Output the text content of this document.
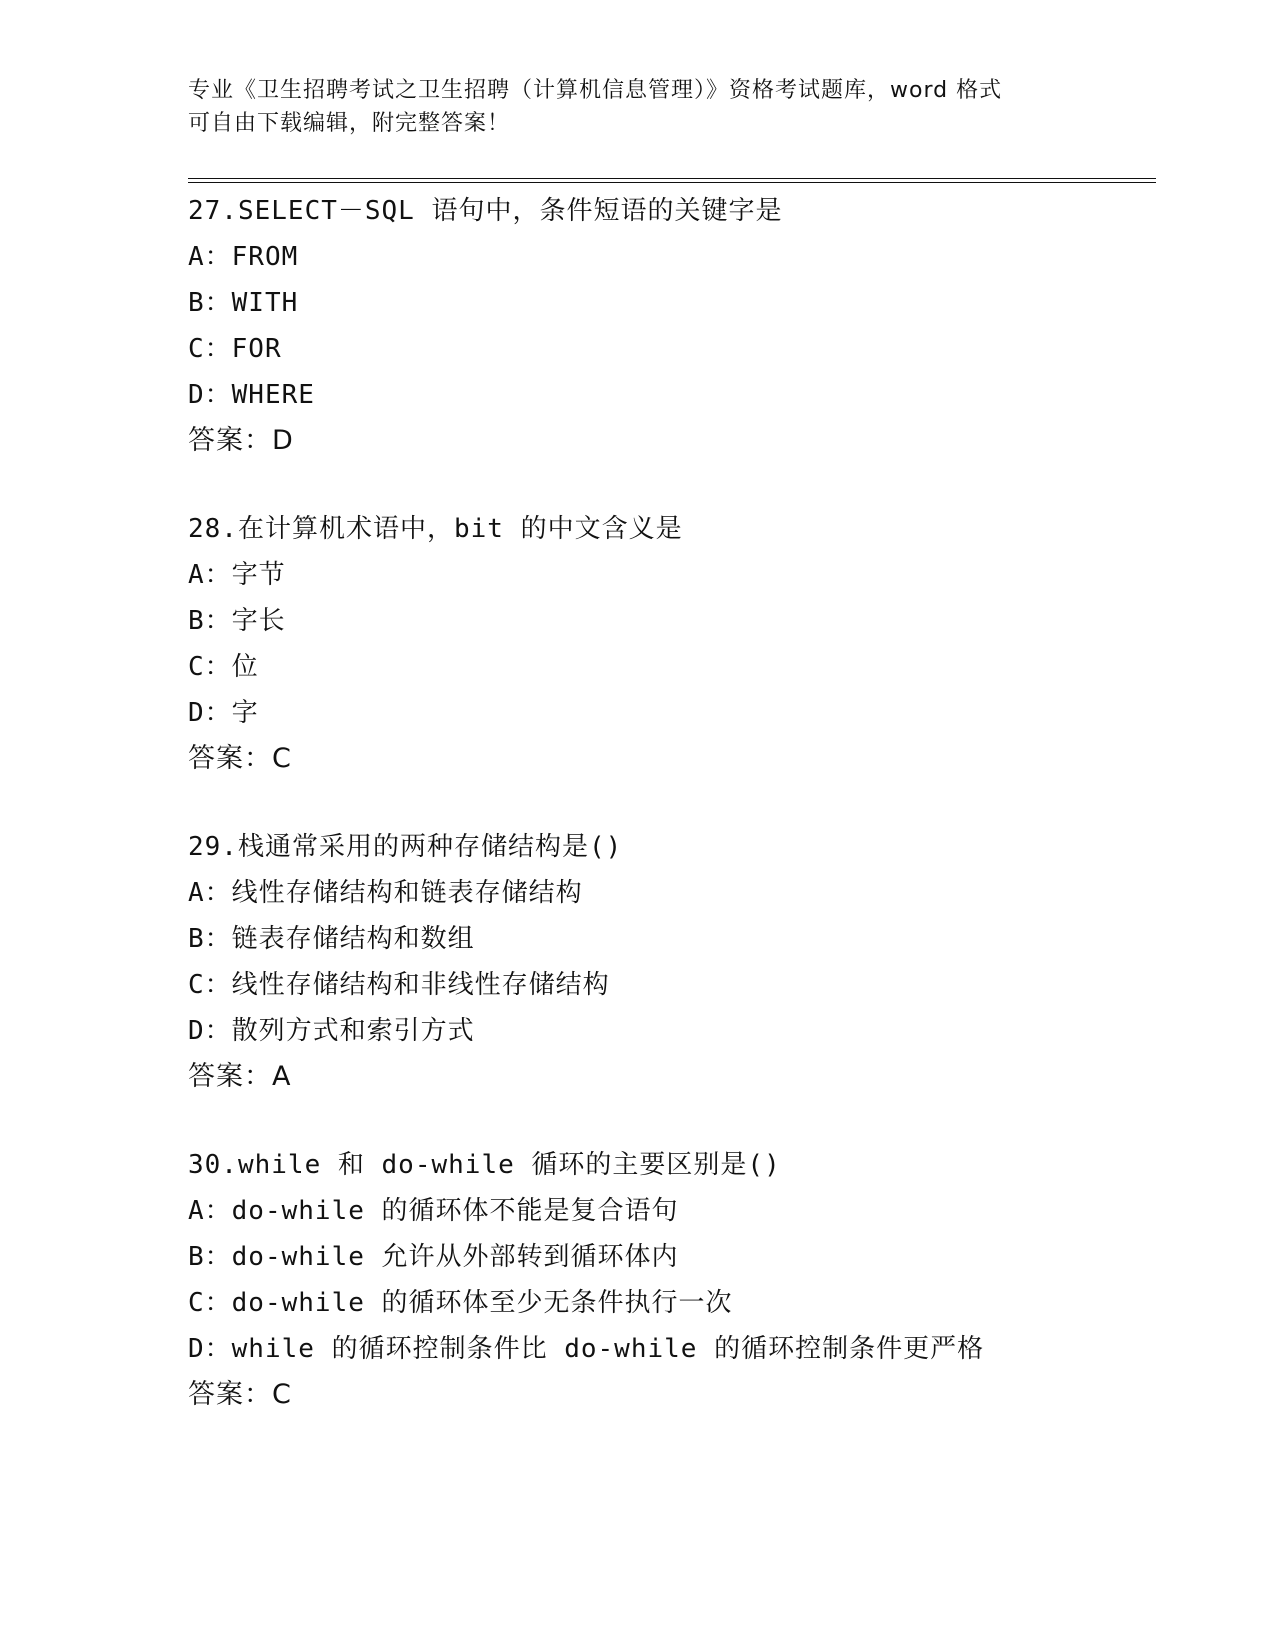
专业《卫生招聘考试之卫生招聘（计算机信息管理）》资格考试题库，word 格式
可自由下载编辑，附完整答案！
27.SELECT－SQL 语句中，条件短语的关键字是
A：FROM
B：WITH
C：FOR
D：WHERE
答案：D
28.在计算机术语中，bit 的中文含义是
A：字节
B：字长
C：位
D：字
答案：C
29.栈通常采用的两种存储结构是()
A：线性存储结构和链表存储结构
B：链表存储结构和数组
C：线性存储结构和非线性存储结构
D：散列方式和索引方式
答案：A
30.while 和 do-while 循环的主要区别是()
A：do-while 的循环体不能是复合语句
B：do-while 允许从外部转到循环体内
C：do-while 的循环体至少无条件执行一次
D：while 的循环控制条件比 do-while 的循环控制条件更严格
答案：C
